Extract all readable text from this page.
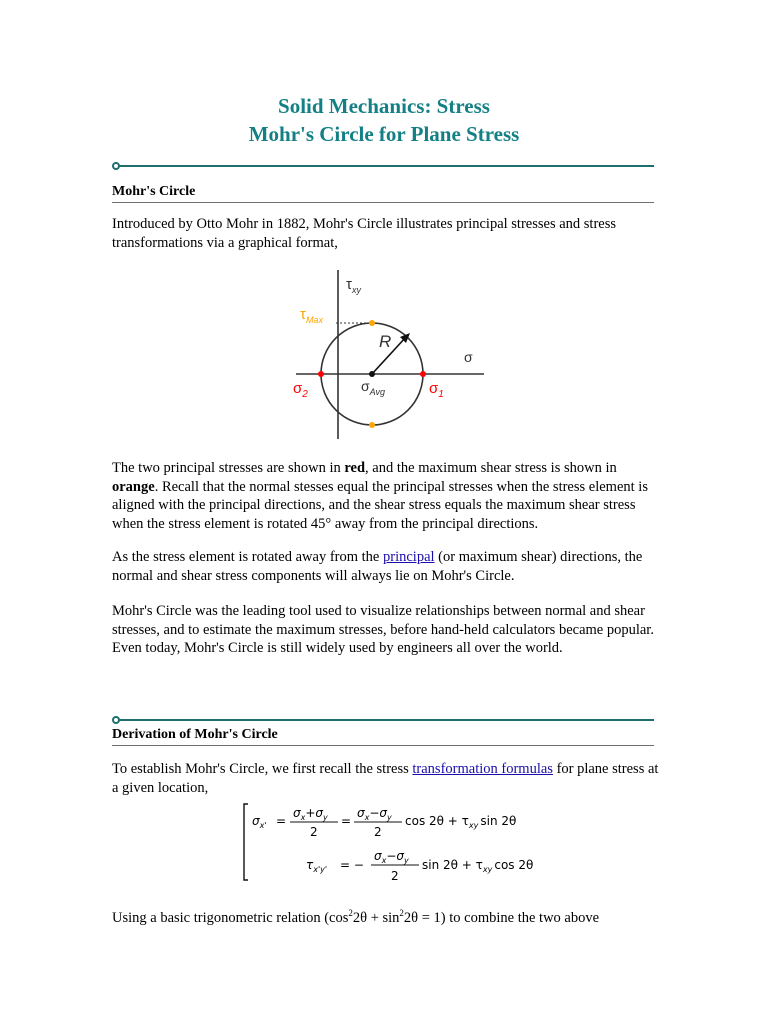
Solid Mechanics: Stress
Mohr's Circle for Plane Stress
Mohr's Circle

Introduced by Otto Mohr in 1882, Mohr's Circle illustrates principal stresses and stress transformations via a graphical format,

$\tau_{xy}$
$\tau_{Max}$
σ
$\sigma_1$
$\sigma_2$
$\sigma_{Avg}$
R

The two principal stresses are shown in red, and the maximum shear stress is shown in orange. Recall that the normal stesses equal the principal stresses when the stress element is aligned with the principal directions, and the shear stress equals the maximum shear stress when the stress element is rotated 45° away from the principal directions.

As the stress element is rotated away from the principal (or maximum shear) directions, the normal and shear stress components will always lie on Mohr's Circle.

Mohr's Circle was the leading tool used to visualize relationships between normal and shear stresses, and to estimate the maximum stresses, before hand-held calculators became popular. Even today, Mohr's Circle is still widely used by engineers all over the world.

Derivation of Mohr's Circle

To establish Mohr's Circle, we first recall the stress transformation formulas for plane stress at a given location,

$\sigma_{x'}$ =
$\sigma_x+\sigma_y$
2
=
$\sigma_x-\sigma_y$
2
$\cos 2\theta + \tau_{xy}$ sin 2θ
$\tau_{x'y'}$ = −
$\sigma_x-\sigma_y$
2
$\sin 2\theta + \tau_{xy}$ cos 2θ

Using a basic trigonometric relation $(\cos^22\theta + \sin^22\theta = 1)$ to combine the two above
